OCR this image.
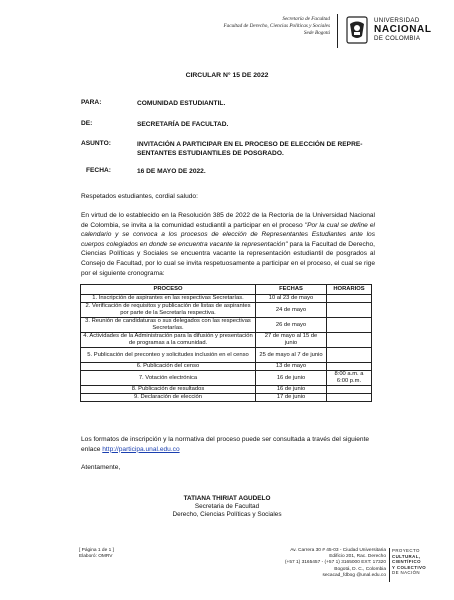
Secretaría de Facultad
Facultad de Derecho, Ciencias Políticas y Sociales
Sede Bogotá
UNIVERSIDAD
NACIONAL
DE COLOMBIA
CIRCULAR N° 15 DE 2022
PARA:	COMUNIDAD ESTUDIANTIL.
DE:	SECRETARÍA DE FACULTAD.
ASUNTO:	INVITACIÓN A PARTICIPAR EN EL PROCESO DE ELECCIÓN DE REPRE-
SENTANTES ESTUDIANTILES DE POSGRADO.
FECHA:	16 DE MAYO DE 2022.
Respetados estudiantes, cordial saludo:
En virtud de lo establecido en la Resolución 385 de 2022 de la Rectoría de la Universidad Nacional de Colombia, se invita a la comunidad estudiantil a participar en el proceso "Por la cual se define el calendario y se convoca a los procesos de elección de Representantes Estudiantes ante los cuerpos colegiados en donde se encuentra vacante la representación" para la Facultad de Derecho, Ciencias Políticas y Sociales se encuentra vacante la representación estudiantil de posgrados al Consejo de Facultad, por lo cual se invita respetuosamente a participar en el proceso, el cual se rige por el siguiente cronograma:
PROCESO	FECHAS	HORARIOS
1. Inscripción de aspirantes en las respectivas Secretarías.	10 al 23 de mayo	
2. Verificación de requisitos y publicación de listas de aspirantes por parte de la Secretaría respectiva.	24 de mayo	
3. Reunión de candidaturas o sus delegados con las respectivas Secretarías.	26 de mayo	
4. Actividades de la Administración para la difusión y presentación de programas a la comunidad.	27 de mayo al 15 de junio	
5. Publicación del preconteo y solicitudes inclusión en el censo	25 de mayo al 7 de junio	
6. Publicación del censo	13 de mayo	
7. Votación electrónica	16 de junio	8:00 a.m. a 6:00 p.m.
8. Publicación de resultados	16 de junio	
9. Declaración de elección	17 de junio	
Los formatos de inscripción y la normativa del proceso puede ser consultada a través del siguiente enlace http://participa.unal.edu.co
Atentamente,
TATIANA THIRIAT AGUDELO
Secretaria de Facultad
Derecho, Ciencias Políticas y Sociales
[ Página 1 de 1 ]
Elaboró: OMRV
Av. Carrera 30 # 45-03 - Ciudad Universitaria
Edificio 201, Rac. Derecho
(+57 1) 3165457 - (+57 1) 3165000 EXT: 17320
Bogotá, D. C., Colombia
secacad_fdbog @unal.edu.co
PROYECTO
CULTURAL,
CIENTÍFICO
Y COLECTIVO
DE NACIÓN
